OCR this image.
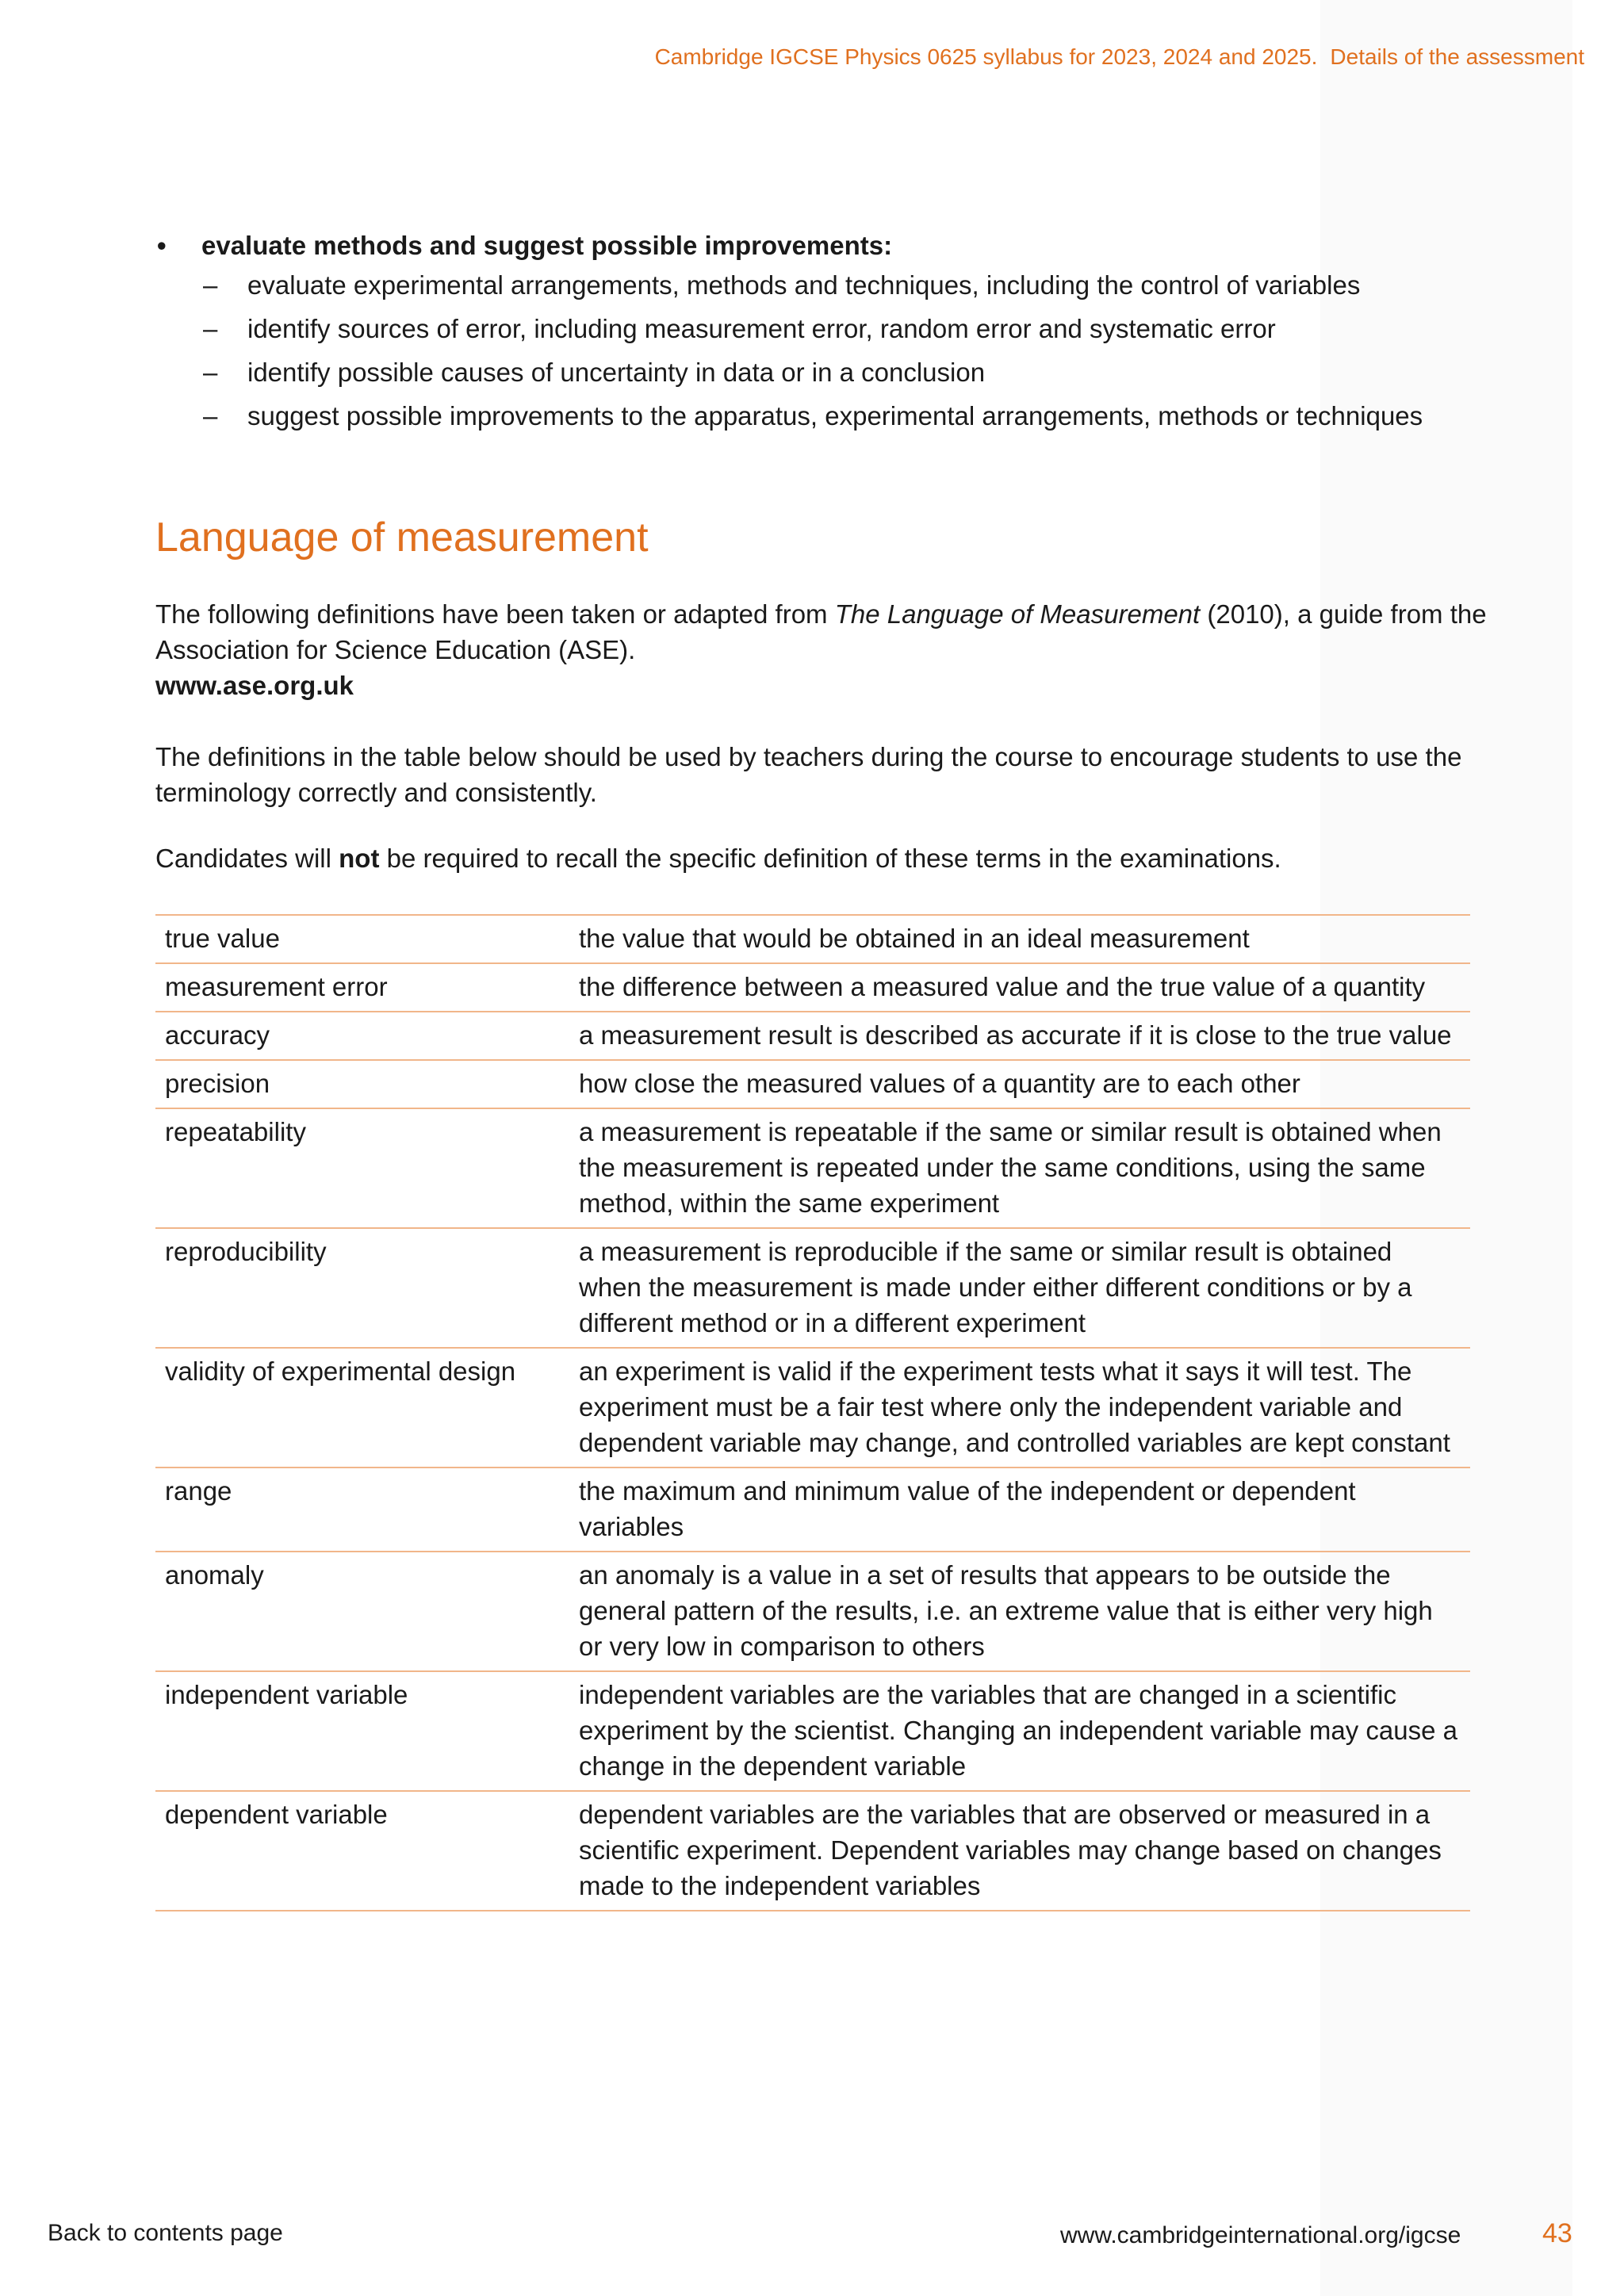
Cambridge IGCSE Physics 0625 syllabus for 2023, 2024 and 2025. Details of the assessment
• evaluate methods and suggest possible improvements:
– evaluate experimental arrangements, methods and techniques, including the control of variables
– identify sources of error, including measurement error, random error and systematic error
– identify possible causes of uncertainty in data or in a conclusion
– suggest possible improvements to the apparatus, experimental arrangements, methods or techniques
Language of measurement
The following definitions have been taken or adapted from The Language of Measurement (2010), a guide from the Association for Science Education (ASE).
www.ase.org.uk
The definitions in the table below should be used by teachers during the course to encourage students to use the terminology correctly and consistently.
Candidates will not be required to recall the specific definition of these terms in the examinations.
true value	the value that would be obtained in an ideal measurement
measurement error	the difference between a measured value and the true value of a quantity
accuracy	a measurement result is described as accurate if it is close to the true value
precision	how close the measured values of a quantity are to each other
repeatability	a measurement is repeatable if the same or similar result is obtained when the measurement is repeated under the same conditions, using the same method, within the same experiment
reproducibility	a measurement is reproducible if the same or similar result is obtained when the measurement is made under either different conditions or by a different method or in a different experiment
validity of experimental design	an experiment is valid if the experiment tests what it says it will test. The experiment must be a fair test where only the independent variable and dependent variable may change, and controlled variables are kept constant
range	the maximum and minimum value of the independent or dependent variables
anomaly	an anomaly is a value in a set of results that appears to be outside the general pattern of the results, i.e. an extreme value that is either very high or very low in comparison to others
independent variable	independent variables are the variables that are changed in a scientific experiment by the scientist. Changing an independent variable may cause a change in the dependent variable
dependent variable	dependent variables are the variables that are observed or measured in a scientific experiment. Dependent variables may change based on changes made to the independent variables
Back to contents page	www.cambridgeinternational.org/igcse	43
